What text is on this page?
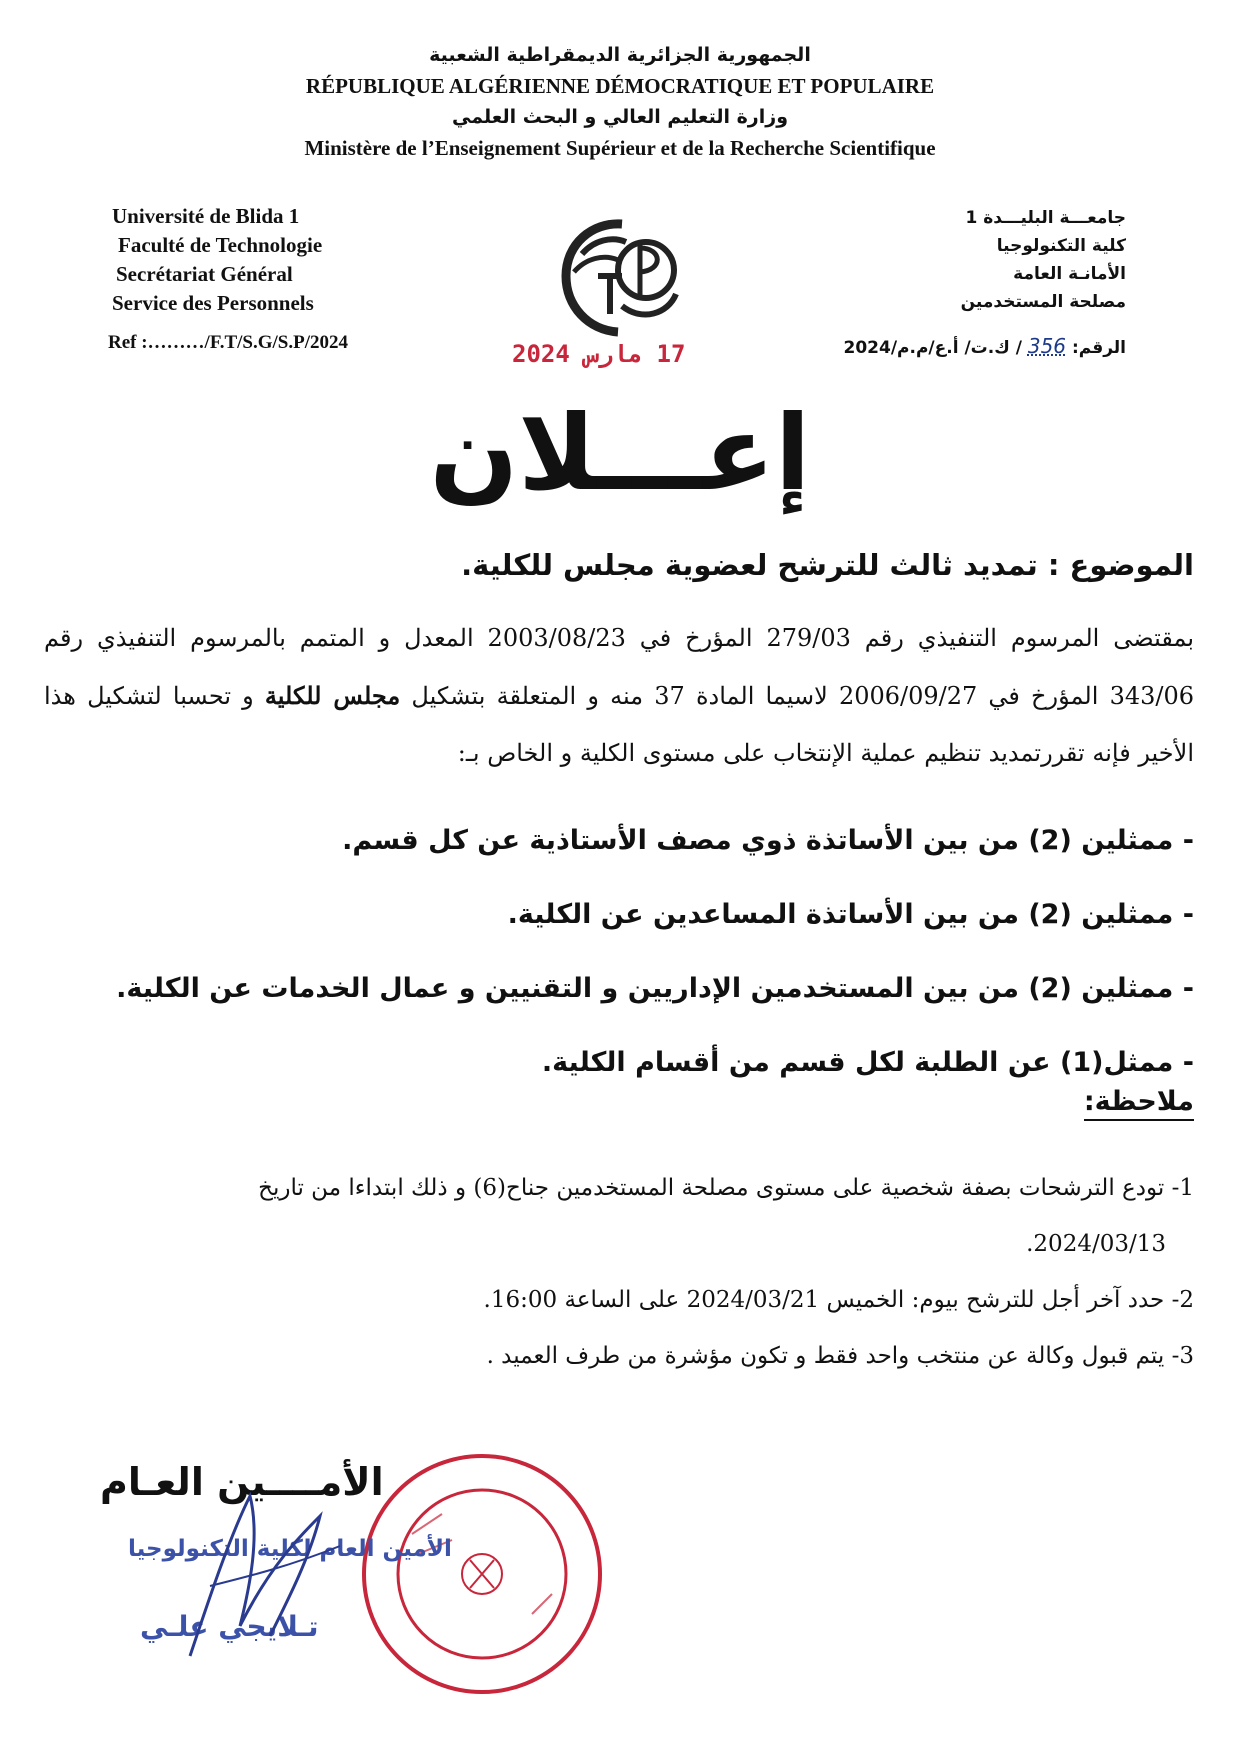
الجمهورية الجزائرية الديمقراطية الشعبية
RÉPUBLIQUE ALGÉRIENNE DÉMOCRATIQUE ET POPULAIRE
وزارة التعليم العالي و البحث العلمي
Ministère de l’Enseignement Supérieur et de la Recherche Scientifique
Université de Blida 1
Faculté de Technologie
Secrétariat Général
Service des Personnels
جامعـــة البليـــدة 1
كلية التكنولوجيا
الأمانـة العامة
مصلحة المستخدمين
Ref :………/F.T/S.G/S.P/2024	الرقم: 356 / ك.ت/ أ.ع/م.م/2024
17 مارس 2024
إعـــلان
الموضوع : تمديد ثالث للترشح لعضوية مجلس للكلية.
بمقتضى المرسوم التنفيذي رقم 279/03 المؤرخ في 2003/08/23 المعدل و المتمم بالمرسوم التنفيذي رقم 343/06 المؤرخ في 2006/09/27 لاسيما المادة 37 منه و المتعلقة بتشكيل مجلس للكلية و تحسبا لتشكيل هذا الأخير فإنه تقررتمديد تنظيم عملية الإنتخاب على مستوى الكلية و الخاص بـ:
- ممثلين (2) من بين الأساتذة ذوي مصف الأستاذية عن كل قسم.
- ممثلين (2) من بين الأساتذة المساعدين عن الكلية.
- ممثلين (2) من بين المستخدمين الإداريين و التقنيين و عمال الخدمات عن الكلية.
- ممثل(1) عن الطلبة لكل قسم من أقسام الكلية.
ملاحظة:
1- تودع الترشحات بصفة شخصية على مستوى مصلحة المستخدمين جناح(6) و ذلك ابتداءا من تاريخ
2024/03/13.
2- حدد آخر أجل للترشح بيوم: الخميس 2024/03/21 على الساعة 16:00.
3- يتم قبول وكالة عن منتخب واحد فقط و تكون مؤشرة من طرف العميد .
الأمــــين العـام
الأمين العام لكلية التكنولوجيا
تـلايجي علـي
